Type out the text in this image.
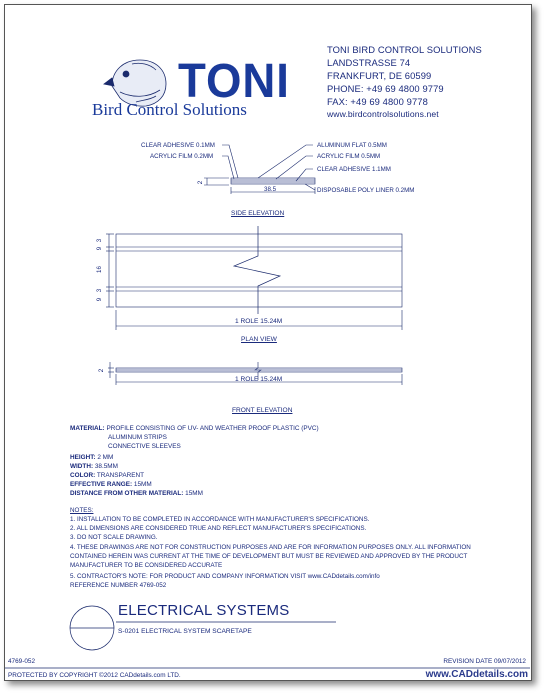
TONI
Bird Control Solutions
TONI BIRD CONTROL SOLUTIONS
LANDSTRASSE 74
FRANKFURT, DE 60599
PHONE: +49 69 4800 9779
FAX: +49 69 4800 9778
www.birdcontrolsolutions.net
CLEAR ADHESIVE 0.1MM
ACRYLIC FILM 0.2MM
ALUMINUM FLAT 0.5MM
ACRYLIC FILM 0.5MM
CLEAR ADHESIVE 1.1MM
DISPOSABLE POLY LINER 0.2MM
2
38.5
SIDE ELEVATION
3
9
16
3
9
1 ROLE 15.24M
PLAN VIEW
2
1 ROLE 15.24M
FRONT ELEVATION
MATERIAL: PROFILE CONSISTING OF UV- AND WEATHER PROOF PLASTIC (PVC)
ALUMINUM STRIPS
CONNECTIVE SLEEVES
HEIGHT: 2 MM
WIDTH: 38.5MM
COLOR: TRANSPARENT
EFFECTIVE RANGE: 15MM
DISTANCE FROM OTHER MATERIAL: 15MM
NOTES:
1. INSTALLATION TO BE COMPLETED IN ACCORDANCE WITH MANUFACTURER'S SPECIFICATIONS.
2. ALL DIMENSIONS ARE CONSIDERED TRUE AND REFLECT MANUFACTURER'S SPECIFICATIONS.
3. DO NOT SCALE DRAWING.
4. THESE DRAWINGS ARE NOT FOR CONSTRUCTION PURPOSES AND ARE FOR INFORMATION PURPOSES ONLY. ALL INFORMATION
CONTAINED HEREIN WAS CURRENT AT THE TIME OF DEVELOPMENT BUT MUST BE REVIEWED AND APPROVED BY THE PRODUCT
MANUFACTURER TO BE CONSIDERED ACCURATE
5. CONTRACTOR'S NOTE: FOR PRODUCT AND COMPANY INFORMATION VISIT www.CADdetails.com/info
REFERENCE NUMBER 4769-052
ELECTRICAL SYSTEMS
S-0201 ELECTRICAL SYSTEM SCARETAPE
4769-052	REVISION DATE 09/07/2012
PROTECTED BY COPYRIGHT ©2012 CADdetails.com LTD.	www.CADdetails.com
